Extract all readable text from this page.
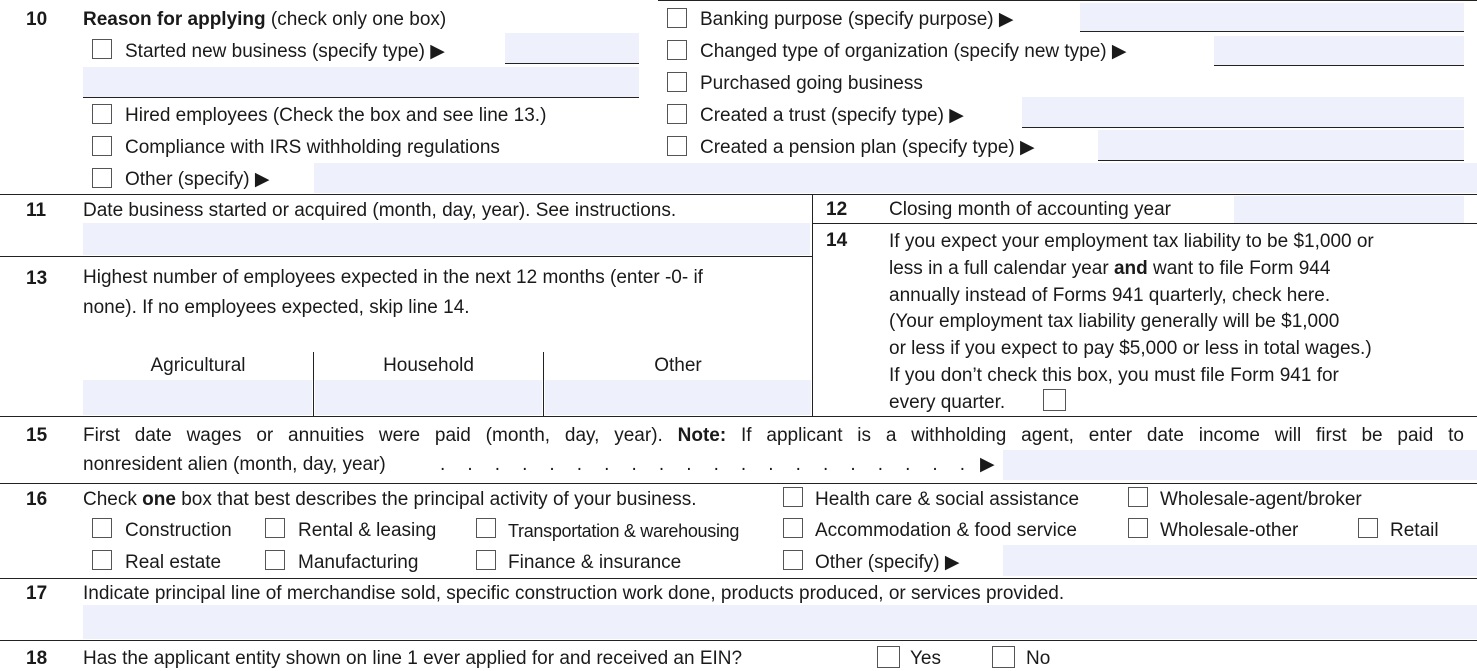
10 Reason for applying (check only one box)
Started new business (specify type) ▶
Hired employees (Check the box and see line 13.)
Compliance with IRS withholding regulations
Other (specify) ▶
Banking purpose (specify purpose) ▶
Changed type of organization (specify new type) ▶
Purchased going business
Created a trust (specify type) ▶
Created a pension plan (specify type) ▶
11 Date business started or acquired (month, day, year). See instructions.	12 Closing month of accounting year
13 Highest number of employees expected in the next 12 months (enter -0- if
none). If no employees expected, skip line 14.
Agricultural	Household	Other
14 If you expect your employment tax liability to be $1,000 or
less in a full calendar year and want to file Form 944
annually instead of Forms 941 quarterly, check here.
(Your employment tax liability generally will be $1,000
or less if you expect to pay $5,000 or less in total wages.)
If you don’t check this box, you must file Form 941 for
every quarter.
15 First date wages or annuities were paid (month, day, year). Note: If applicant is a withholding agent, enter date income will first be paid to
nonresident alien (month, day, year)	. . . . . . . . . . . . . . . . . . . . ▶
16 Check one box that best describes the principal activity of your business.	Health care & social assistance	Wholesale-agent/broker
Construction	Rental & leasing	Transportation & warehousing	Accommodation & food service	Wholesale-other	Retail
Real estate	Manufacturing	Finance & insurance	Other (specify) ▶
17 Indicate principal line of merchandise sold, specific construction work done, products produced, or services provided.
18 Has the applicant entity shown on line 1 ever applied for and received an EIN?	Yes	No
